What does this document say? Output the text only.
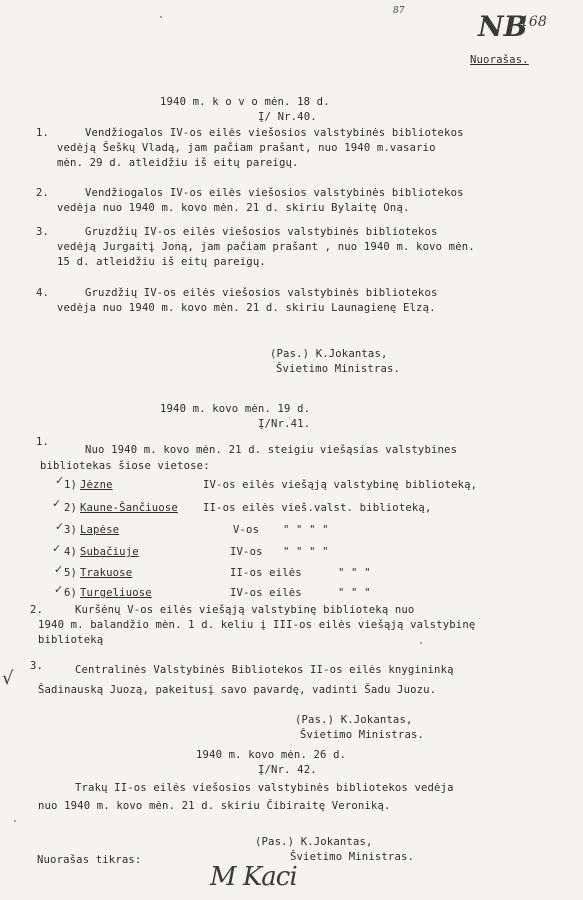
87	NB
168
Nuorašas.
1940 m. k o v o mėn. 18 d.
Į/ Nr.40.
1.	Vendžiogalos IV-os eilės viešosios valstybinės bibliotekos
vedėją Šeškų Vladą, jam pačiam prašant, nuo 1940 m.vasario
mėn. 29 d. atleidžiu iš eitų pareigų.
2.	Vendžiogalos IV-os eilės viešosios valstybinės bibliotekos
vedėja nuo 1940 m. kovo mėn. 21 d. skiriu Bylaitę Oną.
3.	Gruzdžių IV-os eilės viešosios valstybinės bibliotekos
vedėją Jurgaitį Joną, jam pačiam prašant , nuo 1940 m. kovo mėn.
15 d. atleidžiu iš eitų pareigų.
4.	Gruzdžių IV-os eilės viešosios valstybinės bibliotekos
vedėja nuo 1940 m. kovo mėn. 21 d. skiriu Launagienę Elzą.
(Pas.) K.Jokantas,
Švietimo Ministras.
1940 m. kovo mėn. 19 d.
Į/Nr.41.
1.
Nuo 1940 m. kovo mėn. 21 d. steigiu viešąsias valstybines
bibliotekas šiose vietose:
✓ 1) Jėzne	IV-os eilės viešąją valstybinę biblioteką,
✓ 2) Kaune-Šančiuose II-os eilės viеš.valst. biblioteką,
✓ 3) Lapėse	V-os " " " "
✓ 4) Subačiuje	IV-os " " " "
✓ 5) Trakuose	II-os eilės	" " "
✓ 6) Turgeliuose	IV-os eilės	" " "
2.	Kuršėnų V-os eilės viešąją valstybinę biblioteką nuo
1940 m. balandžio mėn. 1 d. keliu į III-os eilės viešąją valstybinę
biblioteką
3.	Centralinės Valstybinės Bibliotekos II-os eilės knygininką
Šadinauską Juozą, pakeitusį savo pavardę, vadinti Šadu Juozu.
√
(Pas.) K.Jokantas,
Švietimo Ministras.
1940 m. kovo mėn. 26 d.
Į/Nr. 42.
Trakų II-os eilės viešosios valstybinės bibliotekos vedėja
nuo 1940 m. kovo mėn. 21 d. skiriu Čibiraitę Veroniką.
(Pas.) K.Jokantas,
Švietimo Ministras.
Nuorašas tikras:
M Kaci
